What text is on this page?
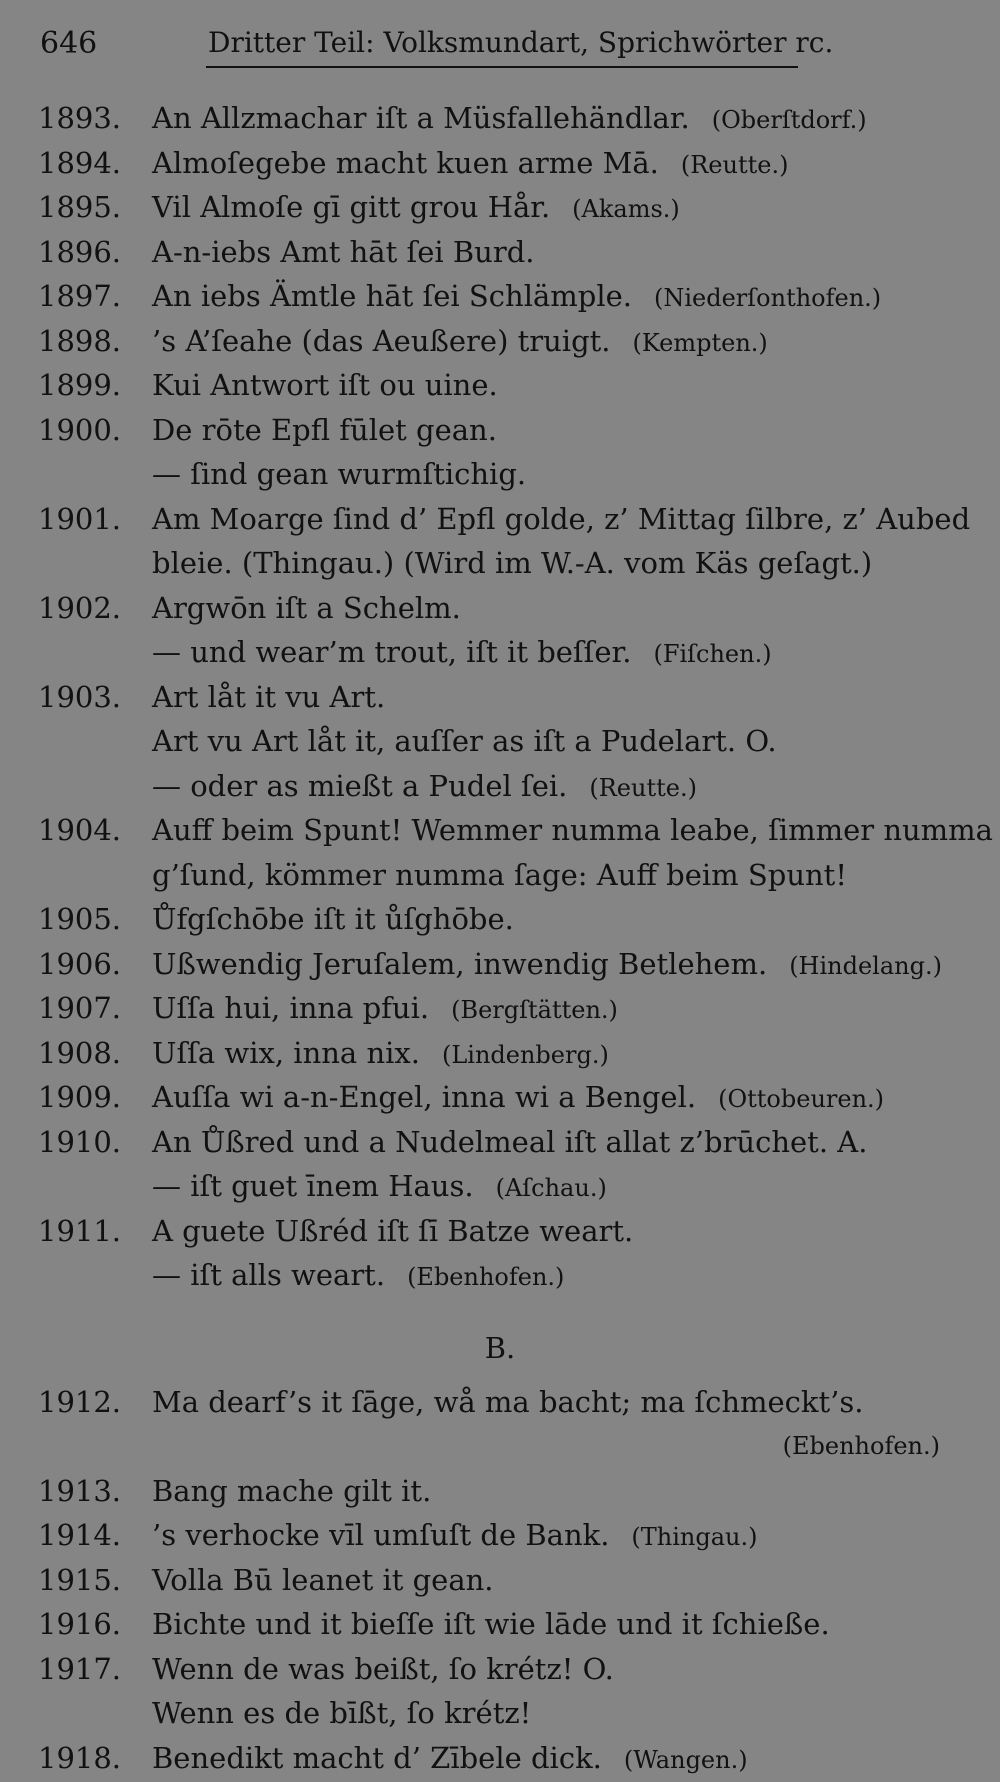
646	Dritter Teil: Volksmundart, Sprichwörter rc.
1893. An Allzmachar iſt a Müsfallehändlar. (Oberſtdorf.)
1894. Almoſegebe macht kuen arme Mā. (Reutte.)
1895. Vil Almoſe gī gitt grou Hår. (Akams.)
1896. A-n-iebs Amt hāt ſei Burd.
1897. An iebs Ämtle hāt ſei Schlämple. (Niederſonthofen.)
1898. ’s A’ſeahe (das Aeußere) truigt. (Kempten.)
1899. Kui Antwort iſt ou uine.
1900. De rōte Epfl fūlet gean.
— ſind gean wurmſtichig.
1901. Am Moarge ſind d’ Epfl golde, z’ Mittag ſilbre, z’ Aubed
bleie. (Thingau.) (Wird im W.-A. vom Käs geſagt.)
1902. Argwōn iſt a Schelm.
— und wear’m trout, iſt it beſſer. (Fiſchen.)
1903. Art låt it vu Art.
Art vu Art låt it, auſſer as iſt a Pudelart. O.
— oder as mießt a Pudel ſei. (Reutte.)
1904. Auff beim Spunt! Wemmer numma leabe, ſimmer numma
g’ſund, kömmer numma ſage: Auff beim Spunt!
1905. Ůfgſchōbe iſt it ůſghōbe.
1906. Ußwendig Jeruſalem, inwendig Betlehem. (Hindelang.)
1907. Uſſa hui, inna pfui. (Bergſtätten.)
1908. Uſſa wix, inna nix. (Lindenberg.)
1909. Auſſa wi a-n-Engel, inna wi a Bengel. (Ottobeuren.)
1910. An Ůßred und a Nudelmeal iſt allat z’brūchet. A.
— iſt guet īnem Haus. (Aſchau.)
1911. A guete Ußréd iſt ſī Batze weart.
— iſt alls weart. (Ebenhofen.)
B.
1912. Ma dearf’s it ſāge, wå ma bacht; ma ſchmeckt’s.
(Ebenhofen.)
1913. Bang mache gilt it.
1914. ’s verhocke vīl umſuſt de Bank. (Thingau.)
1915. Volla Bū leanet it gean.
1916. Bichte und it bieſſe iſt wie lāde und it ſchieße.
1917. Wenn de was beißt, ſo krétz! O.
Wenn es de bīßt, ſo krétz!
1918. Benedikt macht d’ Zībele dick. (Wangen.)
